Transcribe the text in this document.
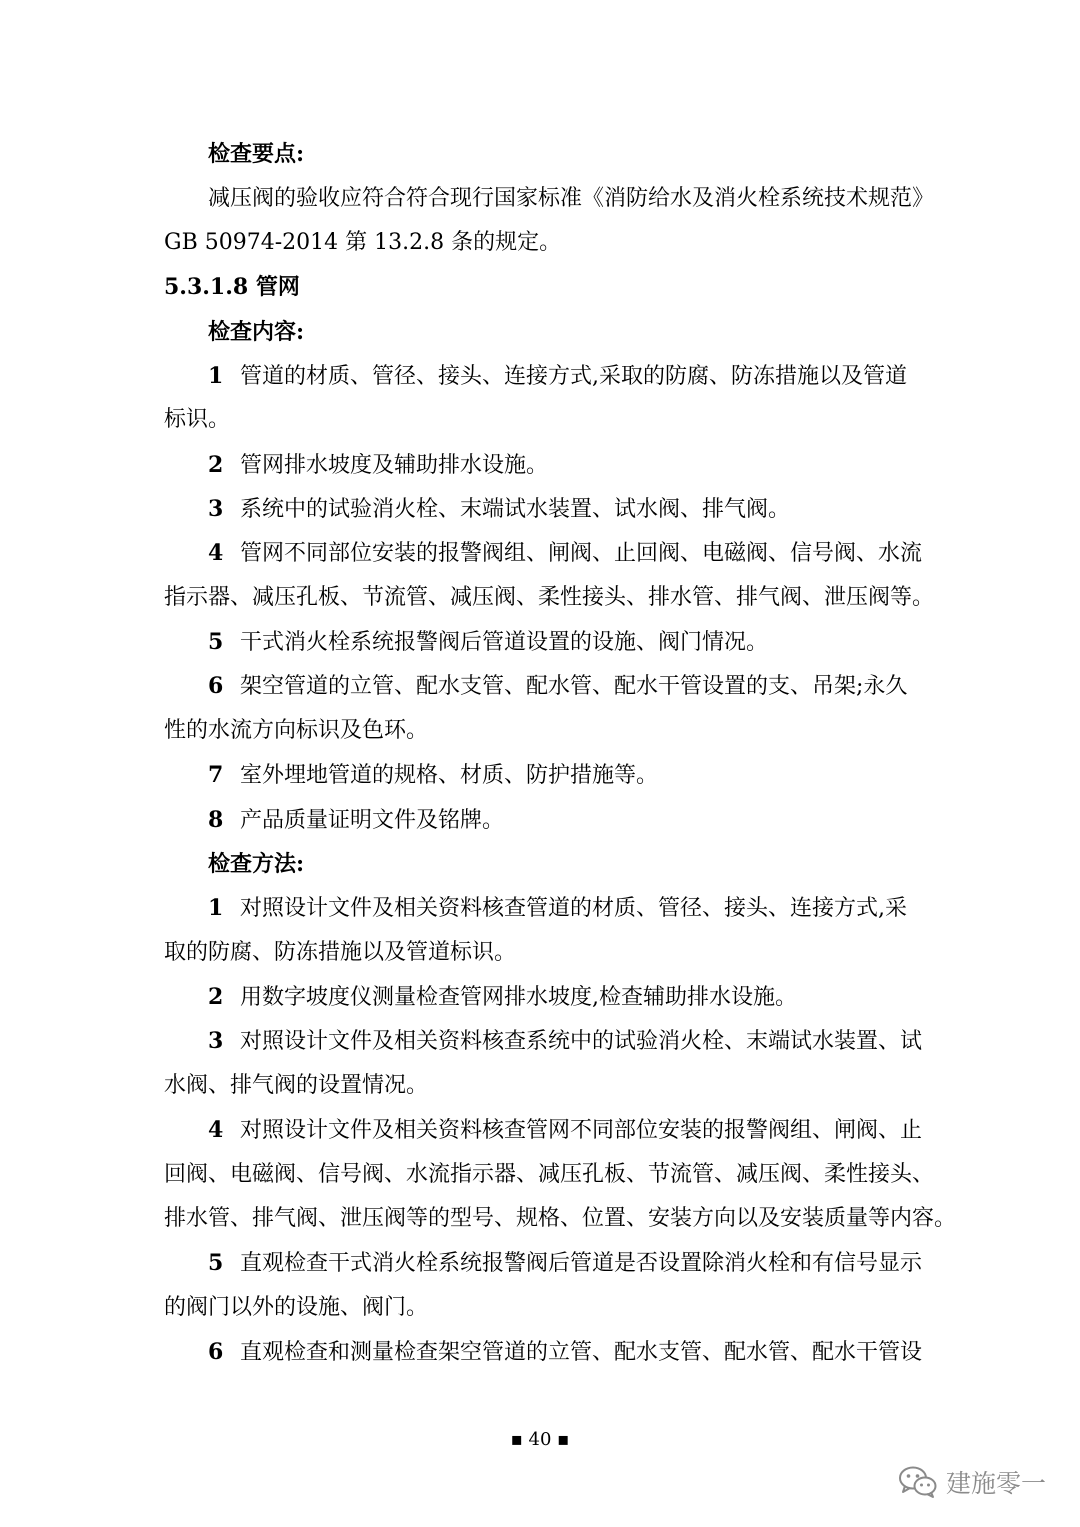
检查要点:
减压阀的验收应符合符合现行国家标准《消防给水及消火栓系统技术规范》
GB 50974-2014 第 13.2.8 条的规定。
5.3.1.8 管网
检查内容:
1 管道的材质、管径、接头、连接方式,采取的防腐、防冻措施以及管道
标识。
2 管网排水坡度及辅助排水设施。
3 系统中的试验消火栓、末端试水装置、试水阀、排气阀。
4 管网不同部位安装的报警阀组、闸阀、止回阀、电磁阀、信号阀、水流
指示器、减压孔板、节流管、减压阀、柔性接头、排水管、排气阀、泄压阀等。
5 干式消火栓系统报警阀后管道设置的设施、阀门情况。
6 架空管道的立管、配水支管、配水管、配水干管设置的支、吊架;永久
性的水流方向标识及色环。
7 室外埋地管道的规格、材质、防护措施等。
8 产品质量证明文件及铭牌。
检查方法:
1 对照设计文件及相关资料核查管道的材质、管径、接头、连接方式,采
取的防腐、防冻措施以及管道标识。
2 用数字坡度仪测量检查管网排水坡度,检查辅助排水设施。
3 对照设计文件及相关资料核查系统中的试验消火栓、末端试水装置、试
水阀、排气阀的设置情况。
4 对照设计文件及相关资料核查管网不同部位安装的报警阀组、闸阀、止
回阀、电磁阀、信号阀、水流指示器、减压孔板、节流管、减压阀、柔性接头、
排水管、排气阀、泄压阀等的型号、规格、位置、安装方向以及安装质量等内容。
5 直观检查干式消火栓系统报警阀后管道是否设置除消火栓和有信号显示
的阀门以外的设施、阀门。
6 直观检查和测量检查架空管道的立管、配水支管、配水管、配水干管设
▪ 40 ▪
建施零一
